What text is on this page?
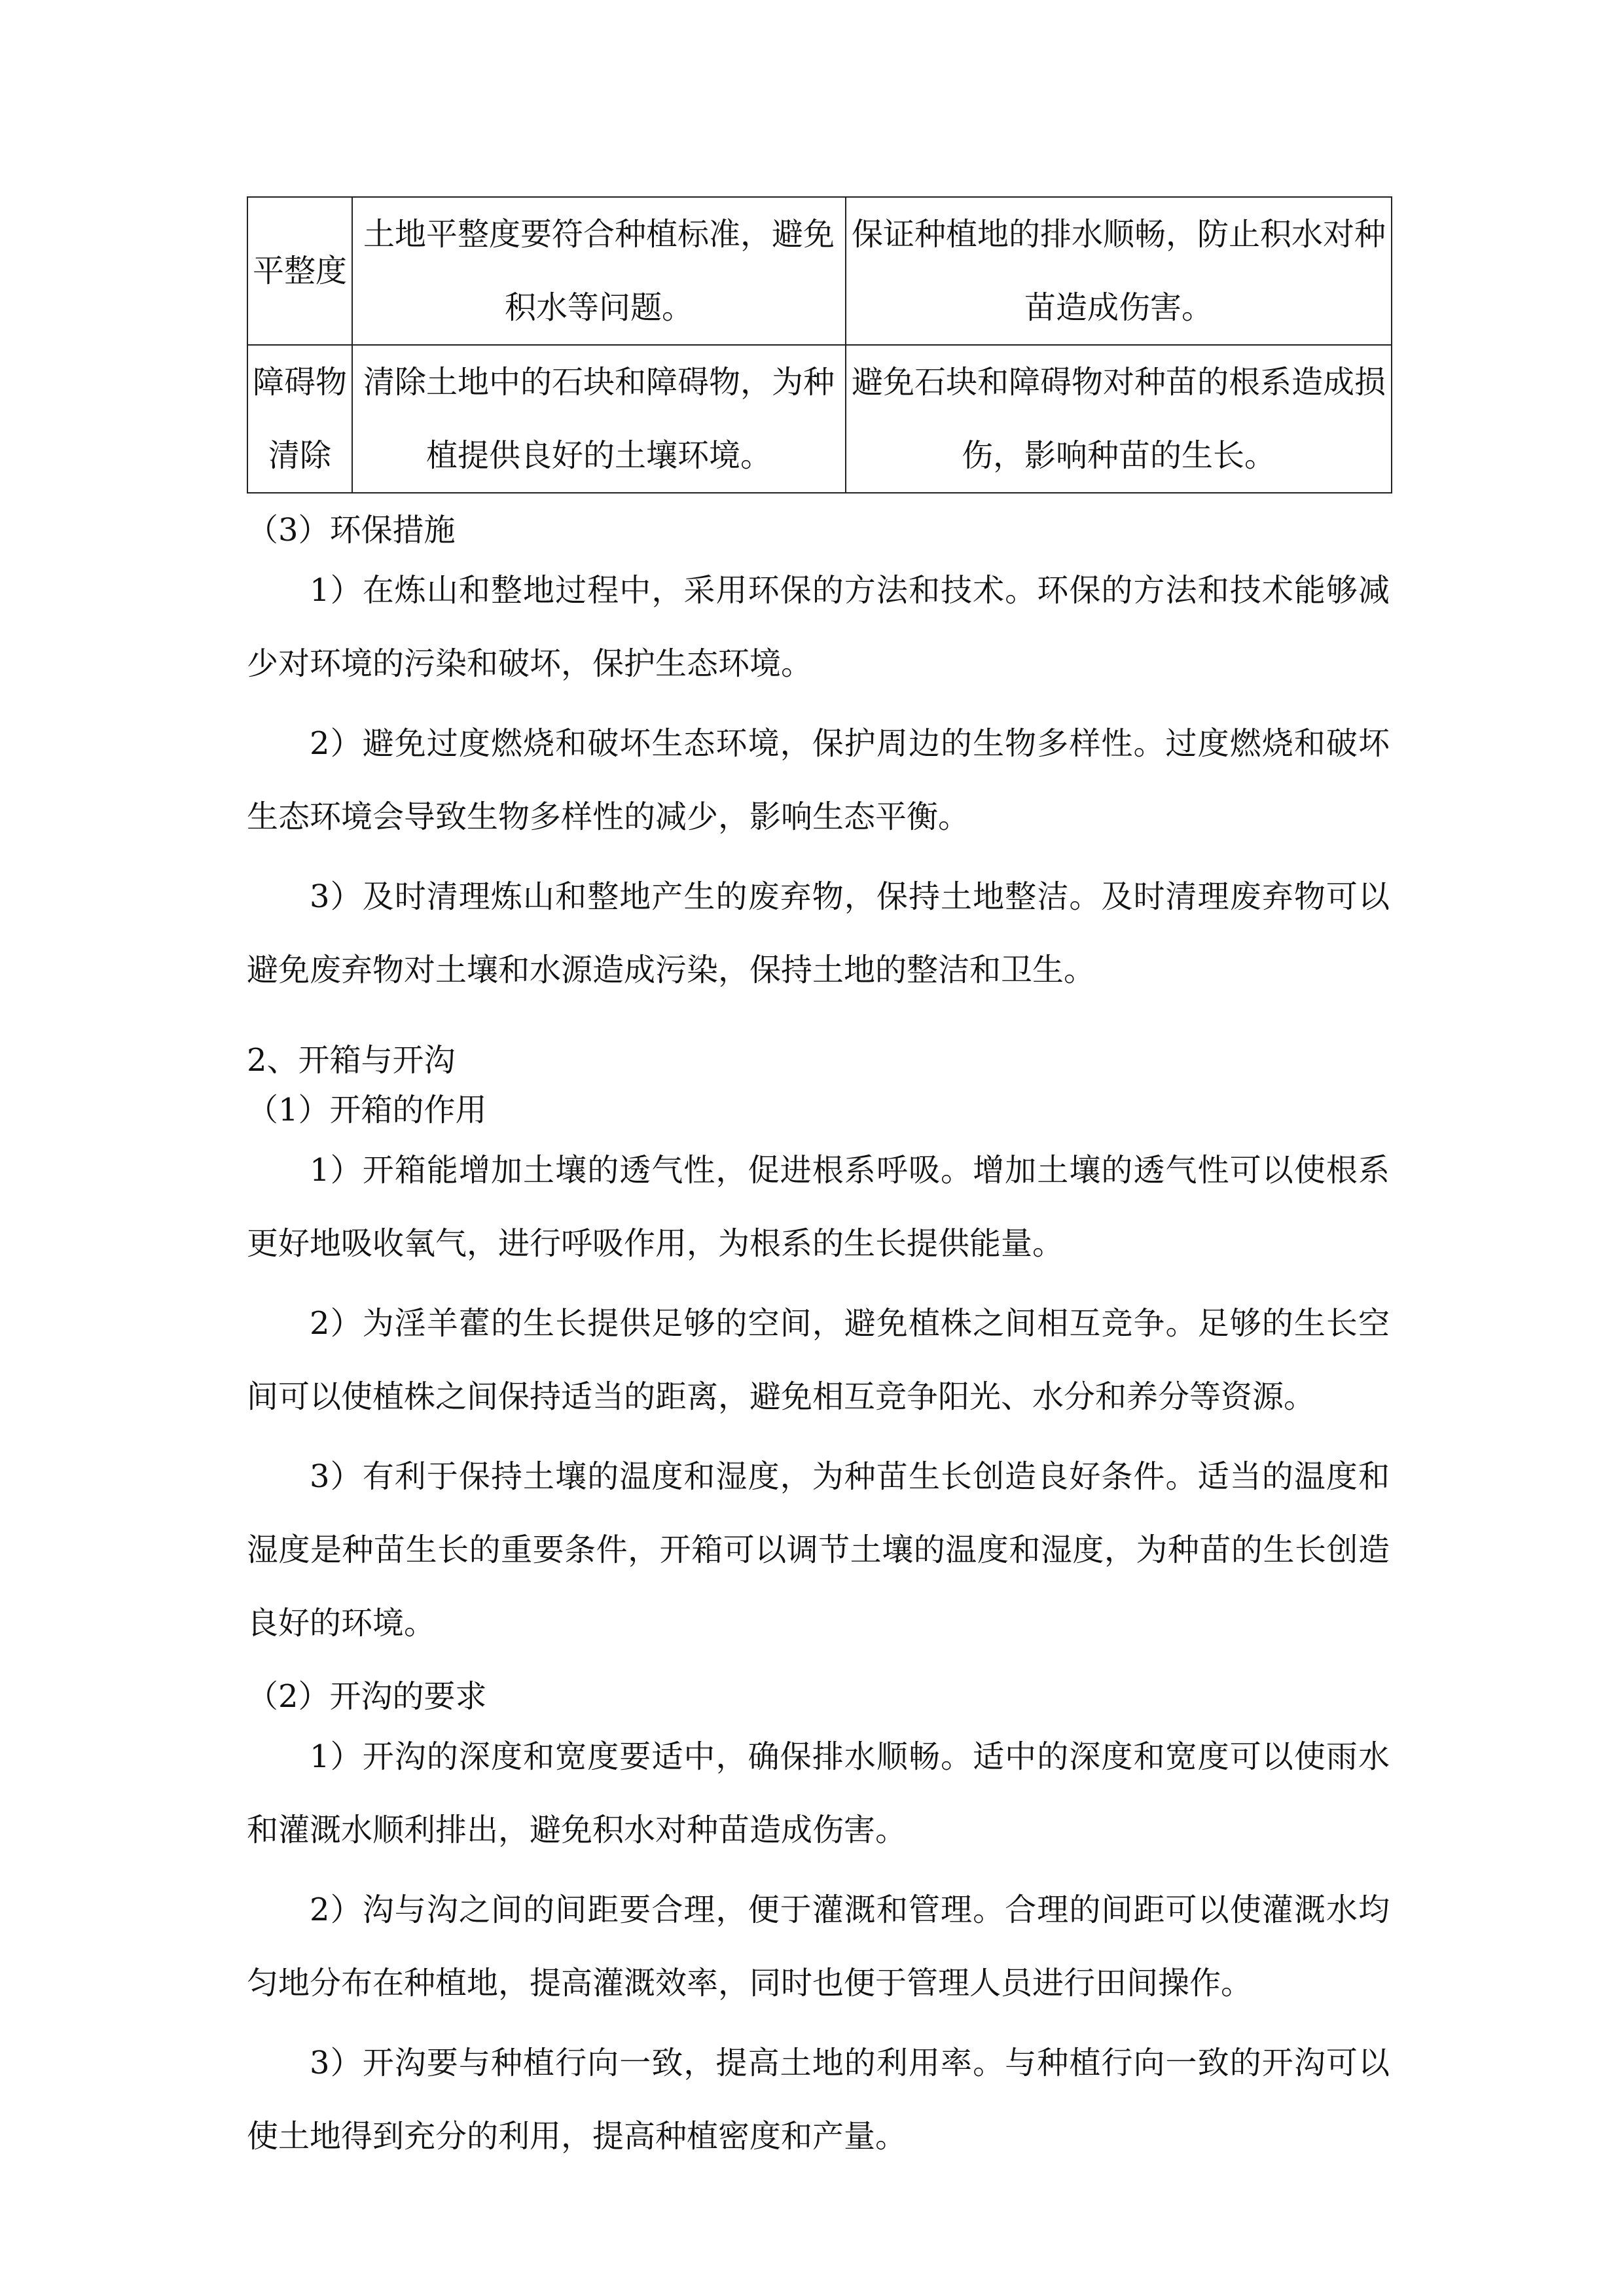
平整度	土地平整度要符合种植标准，避免积水等问题。	保证种植地的排水顺畅，防止积水对种苗造成伤害。
障碍物清除	清除土地中的石块和障碍物，为种植提供良好的土壤环境。	避免石块和障碍物对种苗的根系造成损伤，影响种苗的生长。
（3）环保措施

1）在炼山和整地过程中，采用环保的方法和技术。环保的方法和技术能够减少对环境的污染和破坏，保护生态环境。

2）避免过度燃烧和破坏生态环境，保护周边的生物多样性。过度燃烧和破坏生态环境会导致生物多样性的减少，影响生态平衡。

3）及时清理炼山和整地产生的废弃物，保持土地整洁。及时清理废弃物可以避免废弃物对土壤和水源造成污染，保持土地的整洁和卫生。

2、开箱与开沟
（1）开箱的作用

1）开箱能增加土壤的透气性，促进根系呼吸。增加土壤的透气性可以使根系更好地吸收氧气，进行呼吸作用，为根系的生长提供能量。

2）为淫羊藿的生长提供足够的空间，避免植株之间相互竞争。足够的生长空间可以使植株之间保持适当的距离，避免相互竞争阳光、水分和养分等资源。

3）有利于保持土壤的温度和湿度，为种苗生长创造良好条件。适当的温度和湿度是种苗生长的重要条件，开箱可以调节土壤的温度和湿度，为种苗的生长创造良好的环境。

（2）开沟的要求

1）开沟的深度和宽度要适中，确保排水顺畅。适中的深度和宽度可以使雨水和灌溉水顺利排出，避免积水对种苗造成伤害。

2）沟与沟之间的间距要合理，便于灌溉和管理。合理的间距可以使灌溉水均匀地分布在种植地，提高灌溉效率，同时也便于管理人员进行田间操作。

3）开沟要与种植行向一致，提高土地的利用率。与种植行向一致的开沟可以使土地得到充分的利用，提高种植密度和产量。
